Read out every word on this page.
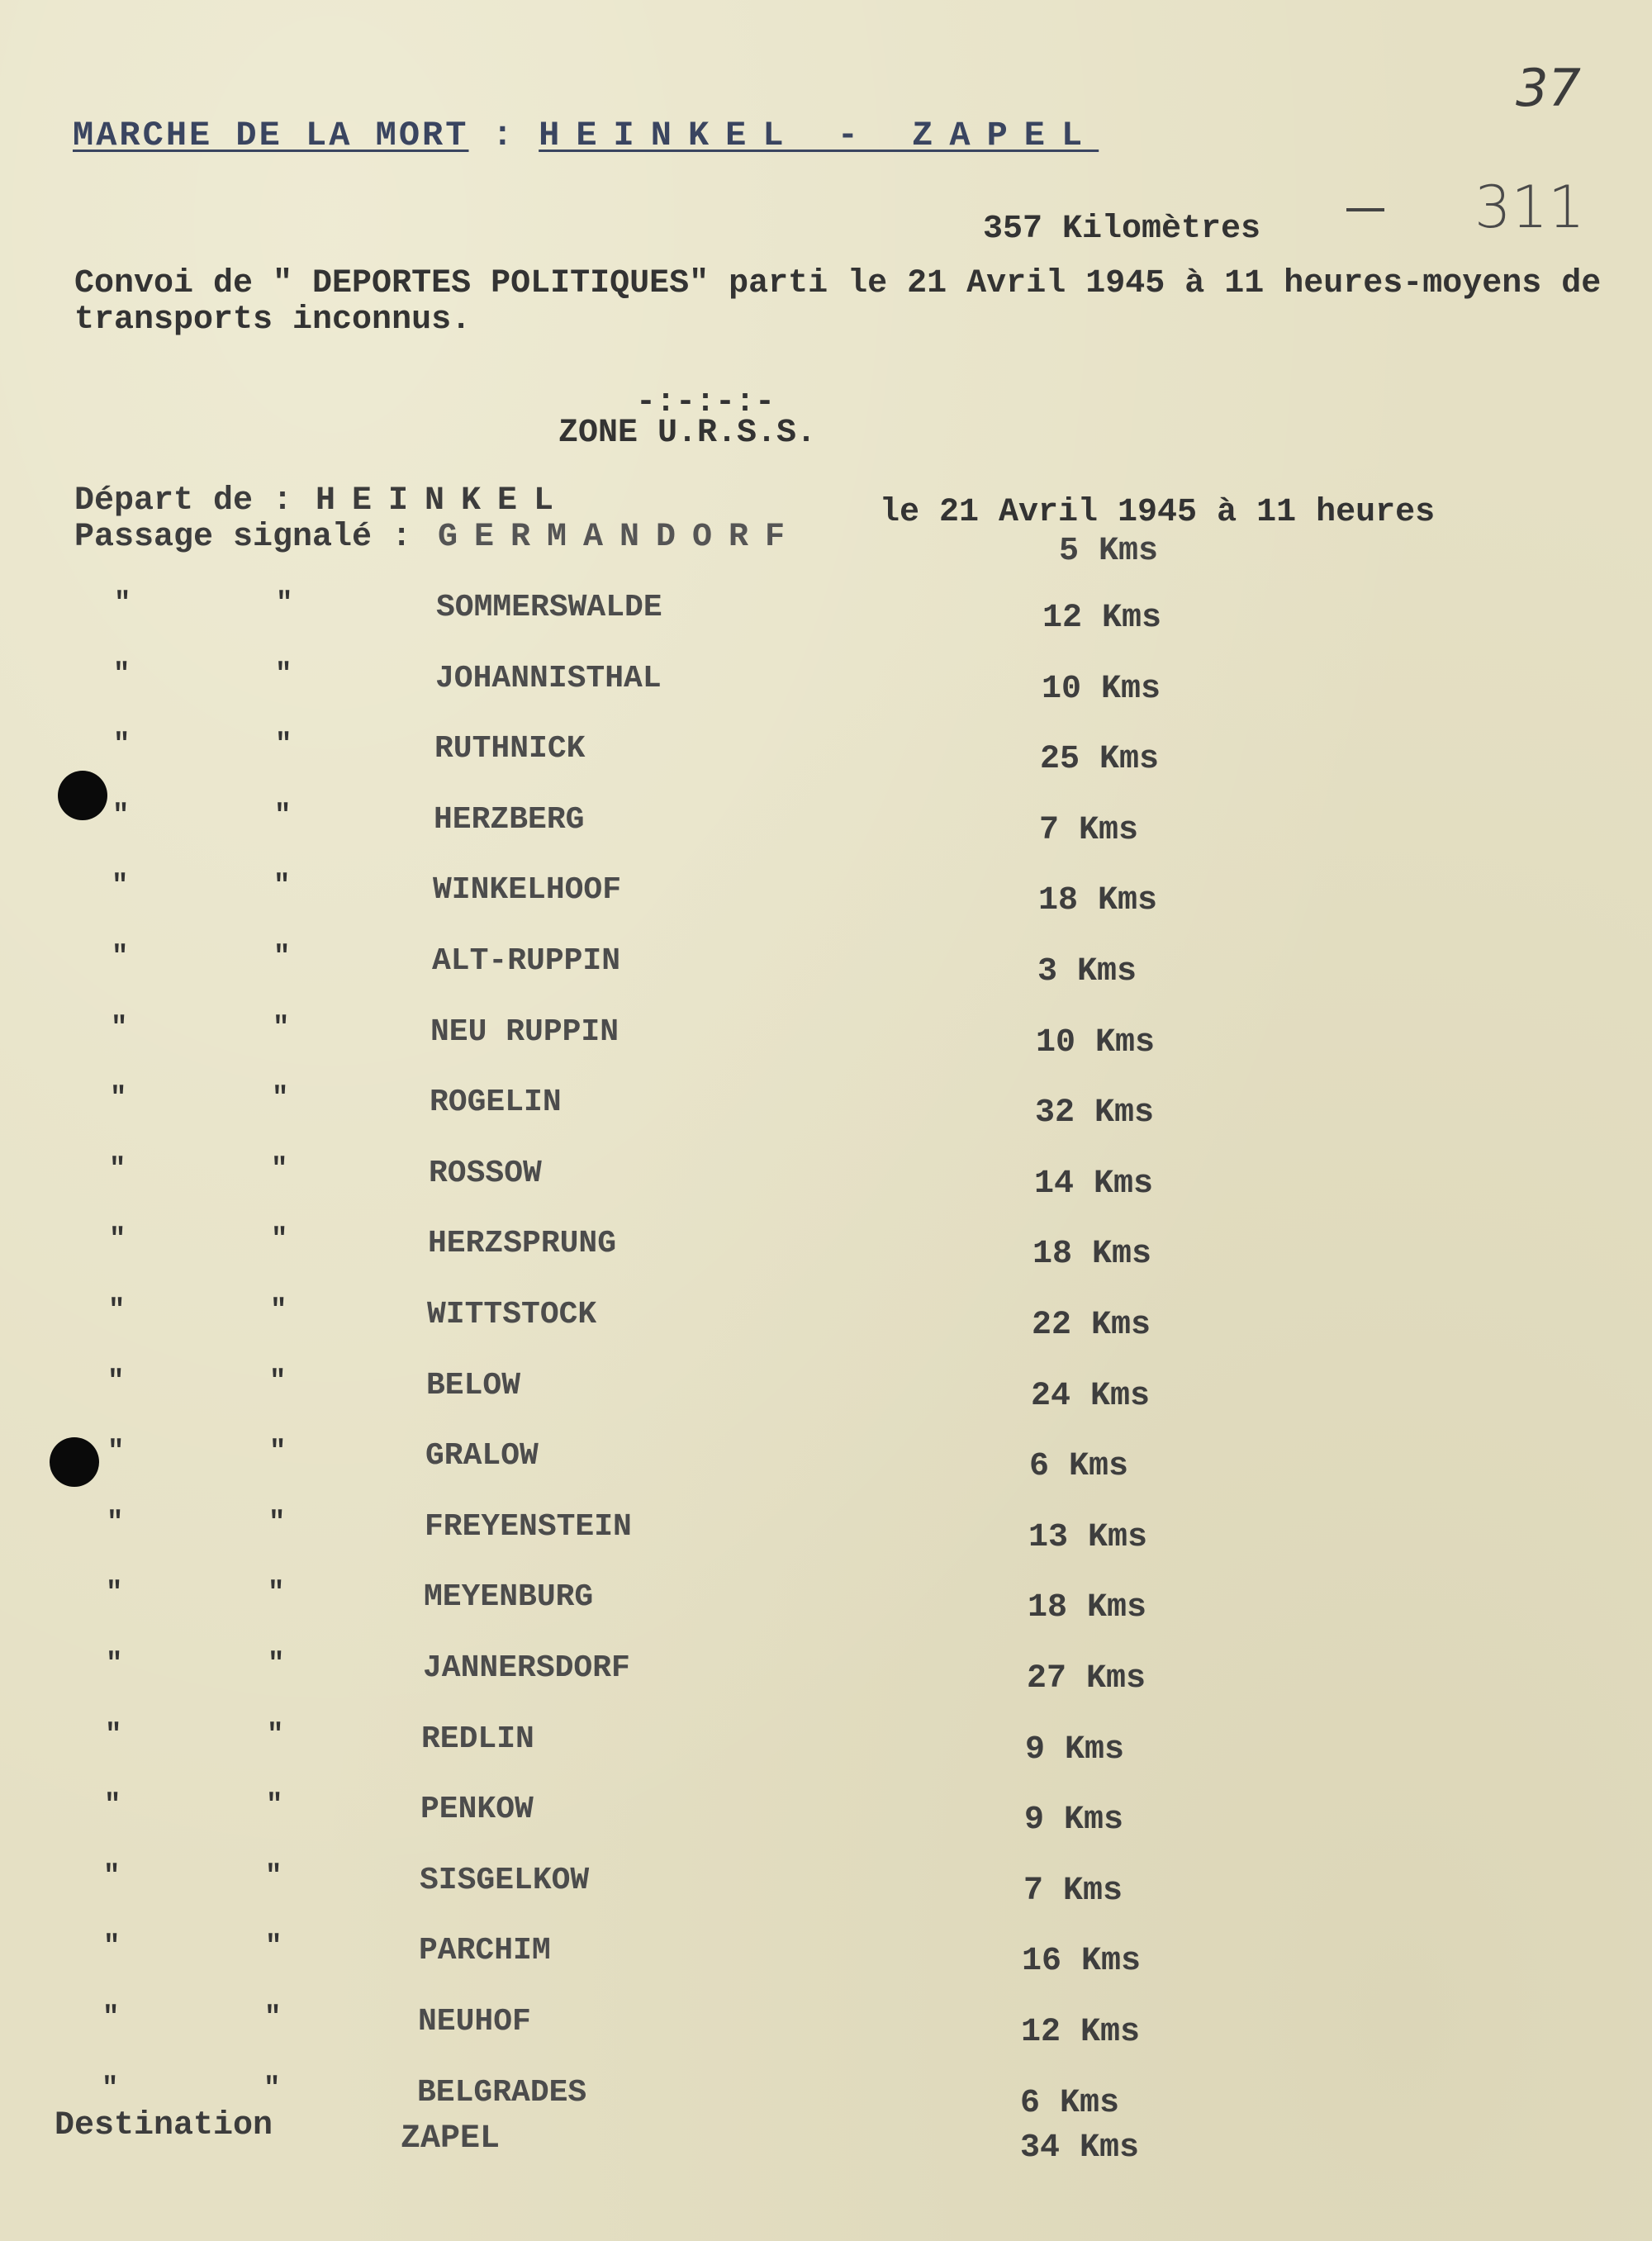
MARCHE DE LA MORT : HEINKEL - ZAPEL
37
311
357 Kilomètres
Convoi de " DEPORTES POLITIQUES" parti le 21 Avril 1945 à 11 heures-moyens de
transports inconnus.
-:-:-:-
ZONE U.R.S.S.
Départ de : HEINKEL	le 21 Avril 1945 à 11 heures
Passage signalé : GERMANDORF	5 Kms
"	"	SOMMERSWALDE	12 Kms
"	"	JOHANNISTHAL	10 Kms
"	"	RUTHNICK	25 Kms
"	"	HERZBERG	7 Kms
"	"	WINKELHOOF	18 Kms
"	"	ALT-RUPPIN	3 Kms
"	"	NEU RUPPIN	10 Kms
"	"	ROGELIN	32 Kms
"	"	ROSSOW	14 Kms
"	"	HERZSPRUNG	18 Kms
"	"	WITTSTOCK	22 Kms
"	"	BELOW	24 Kms
"	"	GRALOW	6 Kms
"	"	FREYENSTEIN	13 Kms
"	"	MEYENBURG	18 Kms
"	"	JANNERSDORF	27 Kms
"	"	REDLIN	9 Kms
"	"	PENKOW	9 Kms
"	"	SISGELKOW	7 Kms
"	"	PARCHIM	16 Kms
"	"	NEUHOF	12 Kms
"	"	BELGRADES	6 Kms
Destination	ZAPEL	34 Kms
